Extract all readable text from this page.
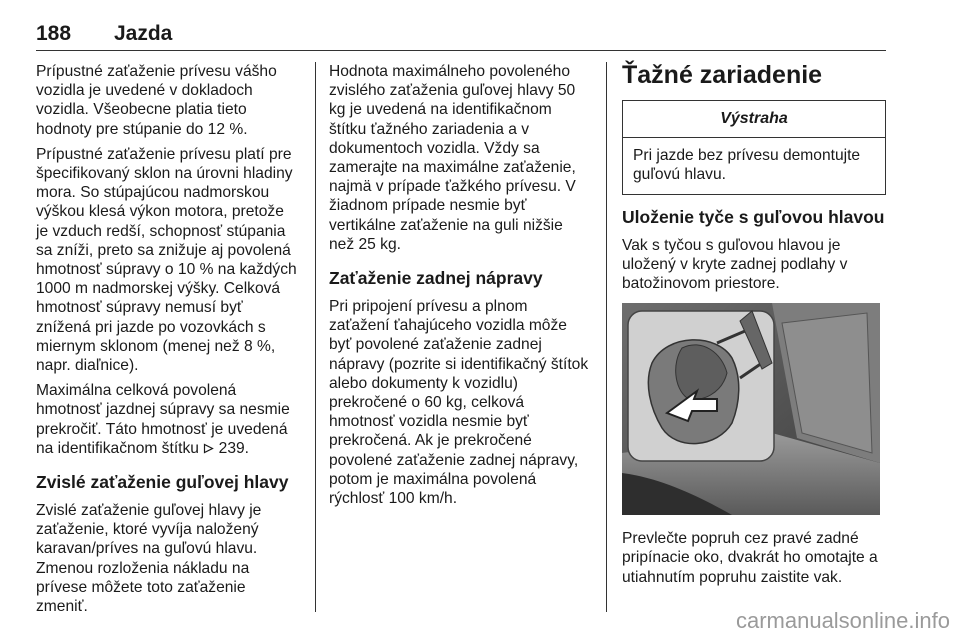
188 Jazda

Prípustné zaťaženie prívesu vášho vozidla je uvedené v dokladoch vozidla. Všeobecne platia tieto hodnoty pre stúpanie do 12 %.

Prípustné zaťaženie prívesu platí pre špecifikovaný sklon na úrovni hladiny mora. So stúpajúcou nadmorskou výškou klesá výkon motora, pretože je vzduch redší, schopnosť stúpania sa zníži, preto sa znižuje aj povolená hmotnosť súpravy o 10 % na každých 1000 m nadmorskej výšky. Celková hmotnosť súpravy nemusí byť znížená pri jazde po vozovkách s miernym sklonom (menej než 8 %, napr. diaľnice).

Maximálna celková povolená hmotnosť jazdnej súpravy sa nesmie prekročiť. Táto hmotnosť je uvedená na identifikačnom štítku  239.

Zvislé zaťaženie guľovej hlavy

Zvislé zaťaženie guľovej hlavy je zaťaženie, ktoré vyvíja naložený karavan/príves na guľovú hlavu. Zmenou rozloženia nákladu na prívese môžete toto zaťaženie zmeniť.

Hodnota maximálneho povoleného zvislého zaťaženia guľovej hlavy 50 kg je uvedená na identifikačnom štítku ťažného zariadenia a v dokumentoch vozidla. Vždy sa zamerajte na maximálne zaťaženie, najmä v prípade ťažkého prívesu. V žiadnom prípade nesmie byť vertikálne zaťaženie na guli nižšie než 25 kg.

Zaťaženie zadnej nápravy

Pri pripojení prívesu a plnom zaťažení ťahajúceho vozidla môže byť povolené zaťaženie zadnej nápravy (pozrite si identifikačný štítok alebo dokumenty k vozidlu) prekročené o 60 kg, celková hmotnosť vozidla nesmie byť prekročená. Ak je prekročené povolené zaťaženie zadnej nápravy, potom je maximálna povolená rýchlosť 100 km/h.

Ťažné zariadenie
Výstraha
Pri jazde bez prívesu demontujte guľovú hlavu.
Uloženie tyče s guľovou hlavou

Vak s tyčou s guľovou hlavou je uložený v kryte zadnej podlahy v batožinovom priestore.

Prevlečte popruh cez pravé zadné pripínacie oko, dvakrát ho omotajte a utiahnutím popruhu zaistite vak.

carmanualsonline.info
